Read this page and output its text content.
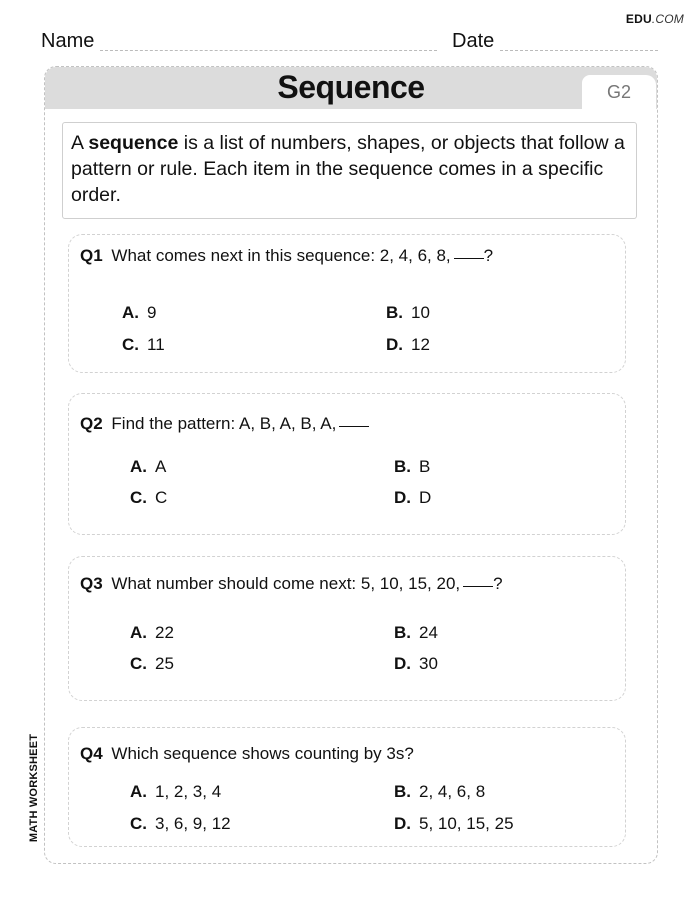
EDU.COM
Name	Date
Sequence	G2
A sequence is a list of numbers, shapes, or objects that follow a pattern or rule. Each item in the sequence comes in a specific order.
Q1 What comes next in this sequence: 2, 4, 6, 8, ?
A. 9	B. 10
C. 11	D. 12
Q2 Find the pattern: A, B, A, B, A,
A. A	B. B
C. C	D. D
Q3 What number should come next: 5, 10, 15, 20, ?
A. 22	B. 24
C. 25	D. 30
Q4 Which sequence shows counting by 3s?
A. 1, 2, 3, 4	B. 2, 4, 6, 8
C. 3, 6, 9, 12	D. 5, 10, 15, 25
MATH WORKSHEET
